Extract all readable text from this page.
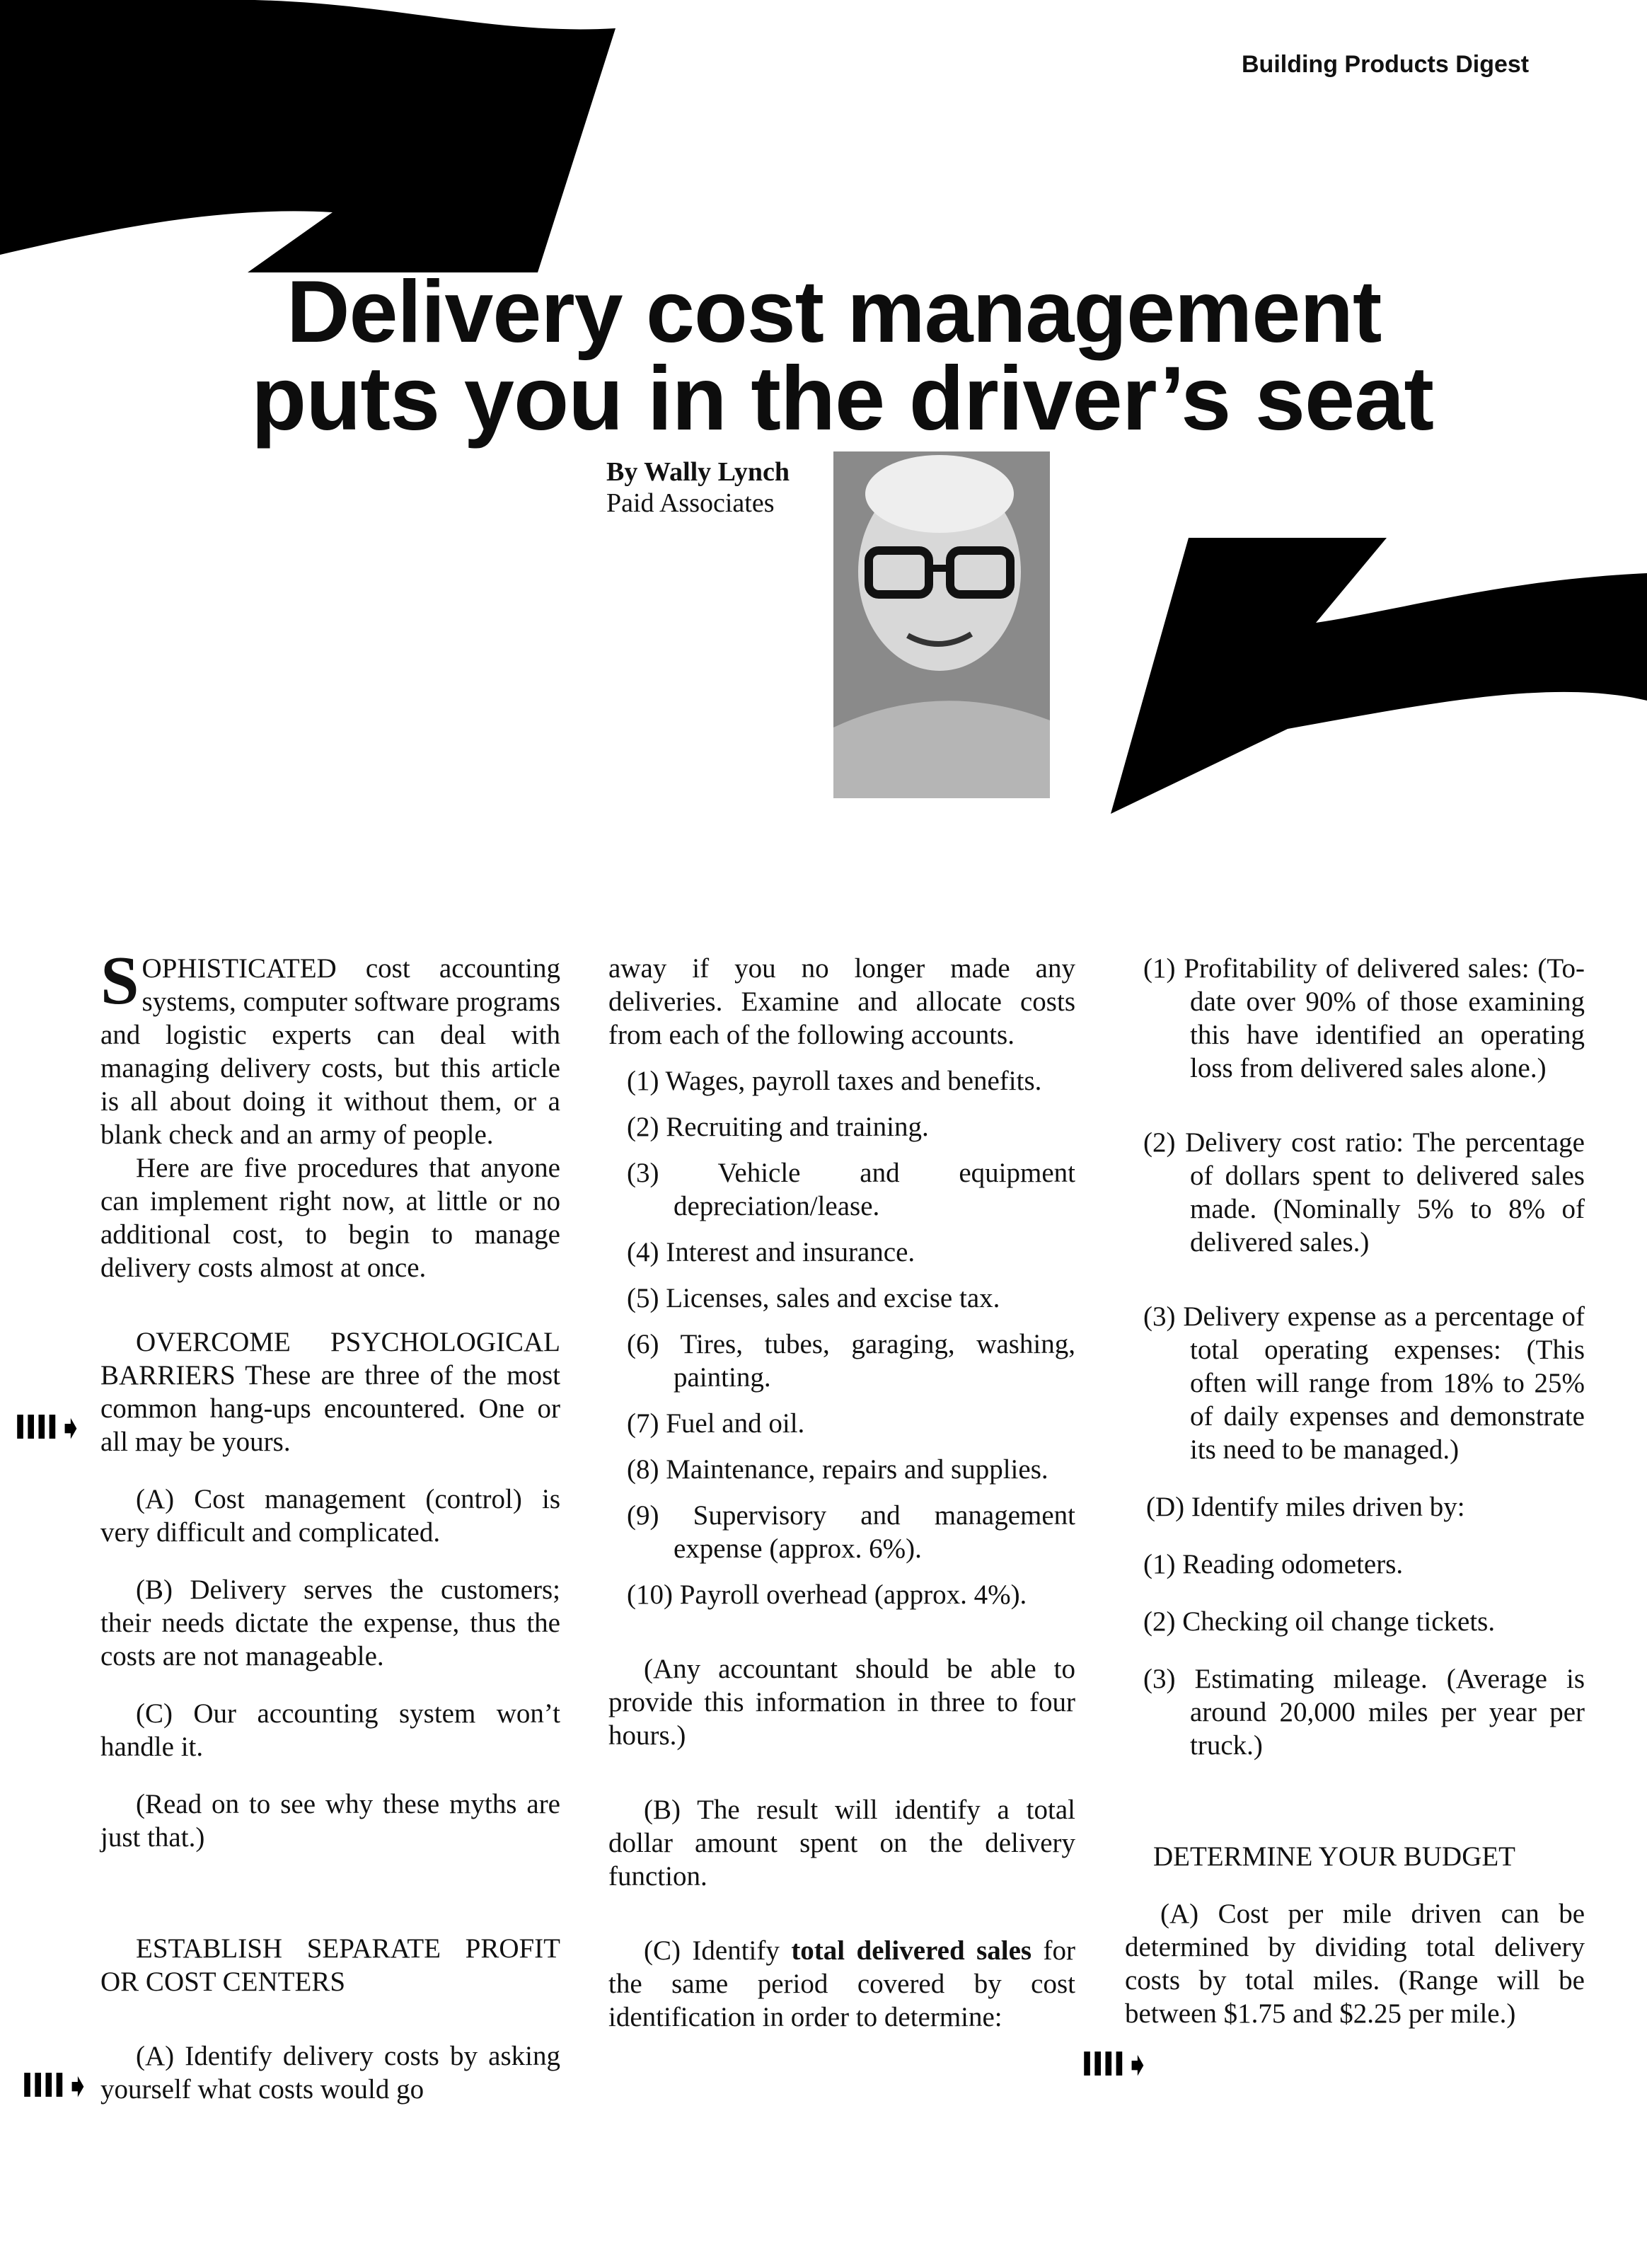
Building Products Digest
Delivery cost management
puts you in the driver’s seat
By Wally Lynch
Paid Associates

SOPHISTICATED cost accounting systems, computer software programs and logistic experts can deal with managing delivery costs, but this article is all about doing it without them, or a blank check and an army of people.

Here are five procedures that anyone can implement right now, at little or no additional cost, to begin to manage delivery costs almost at once.

OVERCOME PSYCHOLOGICAL BARRIERS These are three of the most common hang-ups encountered. One or all may be yours.

(A) Cost management (control) is very difficult and complicated.

(B) Delivery serves the customers; their needs dictate the expense, thus the costs are not manageable.

(C) Our accounting system won’t handle it.

(Read on to see why these myths are just that.)

ESTABLISH SEPARATE PROFIT OR COST CENTERS

(A) Identify delivery costs by asking yourself what costs would go

IIII➧
IIII➧
IIII➧

away if you no longer made any deliveries. Examine and allocate costs from each of the following accounts.

(1) Wages, payroll taxes and benefits.

(2) Recruiting and training.

(3) Vehicle and equipment depreciation/lease.

(4) Interest and insurance.

(5) Licenses, sales and excise tax.

(6) Tires, tubes, garaging, washing, painting.

(7) Fuel and oil.

(8) Maintenance, repairs and supplies.

(9) Supervisory and management expense (approx. 6%).

(10) Payroll overhead (approx. 4%).

(Any accountant should be able to provide this information in three to four hours.)

(B) The result will identify a total dollar amount spent on the delivery function.

(C) Identify total delivered sales for the same period covered by cost identification in order to determine:

(1) Profitability of delivered sales: (To-date over 90% of those examining this have identified an operating loss from delivered sales alone.)

(2) Delivery cost ratio: The percentage of dollars spent to delivered sales made. (Nominally 5% to 8% of delivered sales.)

(3) Delivery expense as a percentage of total operating expenses: (This often will range from 18% to 25% of daily expenses and demonstrate its need to be managed.)

(D) Identify miles driven by:

(1) Reading odometers.

(2) Checking oil change tickets.

(3) Estimating mileage. (Average is around 20,000 miles per year per truck.)

DETERMINE YOUR BUDGET

(A) Cost per mile driven can be determined by dividing total delivery costs by total miles. (Range will be between $1.75 and $2.25 per mile.)
